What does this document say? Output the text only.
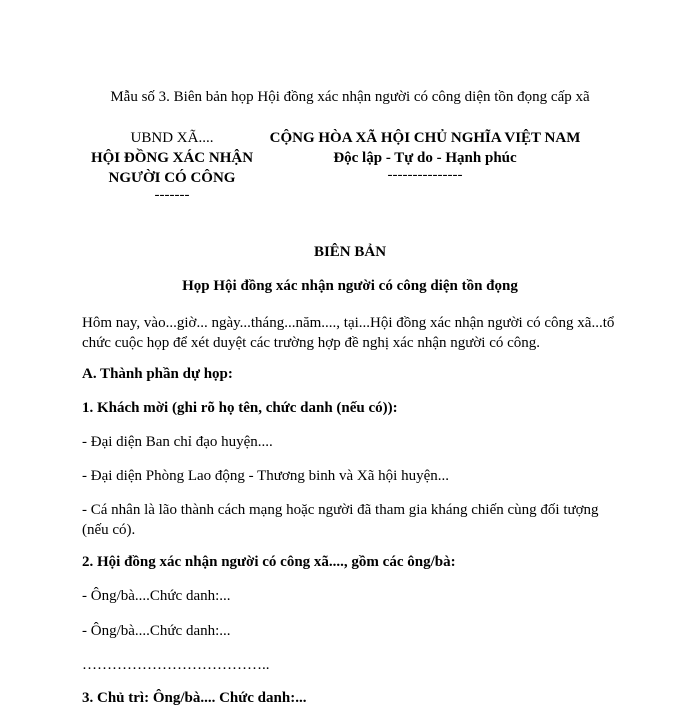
Mẫu số 3. Biên bản họp Hội đồng xác nhận người có công diện tồn đọng cấp xã
UBND XÃ....
HỘI ĐỒNG XÁC NHẬN
NGƯỜI CÓ CÔNG
-------
CỘNG HÒA XÃ HỘI CHỦ NGHĨA VIỆT NAM
Độc lập - Tự do - Hạnh phúc
---------------
BIÊN BẢN
Họp Hội đồng xác nhận người có công diện tồn đọng
Hôm nay, vào...giờ... ngày...tháng...năm...., tại...Hội đồng xác nhận người có công xã...tổ chức cuộc họp để xét duyệt các trường hợp đề nghị xác nhận người có công.
A. Thành phần dự họp:
1. Khách mời (ghi rõ họ tên, chức danh (nếu có)):
- Đại diện Ban chỉ đạo huyện....
- Đại diện Phòng Lao động - Thương binh và Xã hội huyện...
- Cá nhân là lão thành cách mạng hoặc người đã tham gia kháng chiến cùng đối tượng (nếu có).
2. Hội đồng xác nhận người có công xã...., gồm các ông/bà:
- Ông/bà....Chức danh:...
- Ông/bà....Chức danh:...
………………………………..
3. Chủ trì: Ông/bà.... Chức danh:...
